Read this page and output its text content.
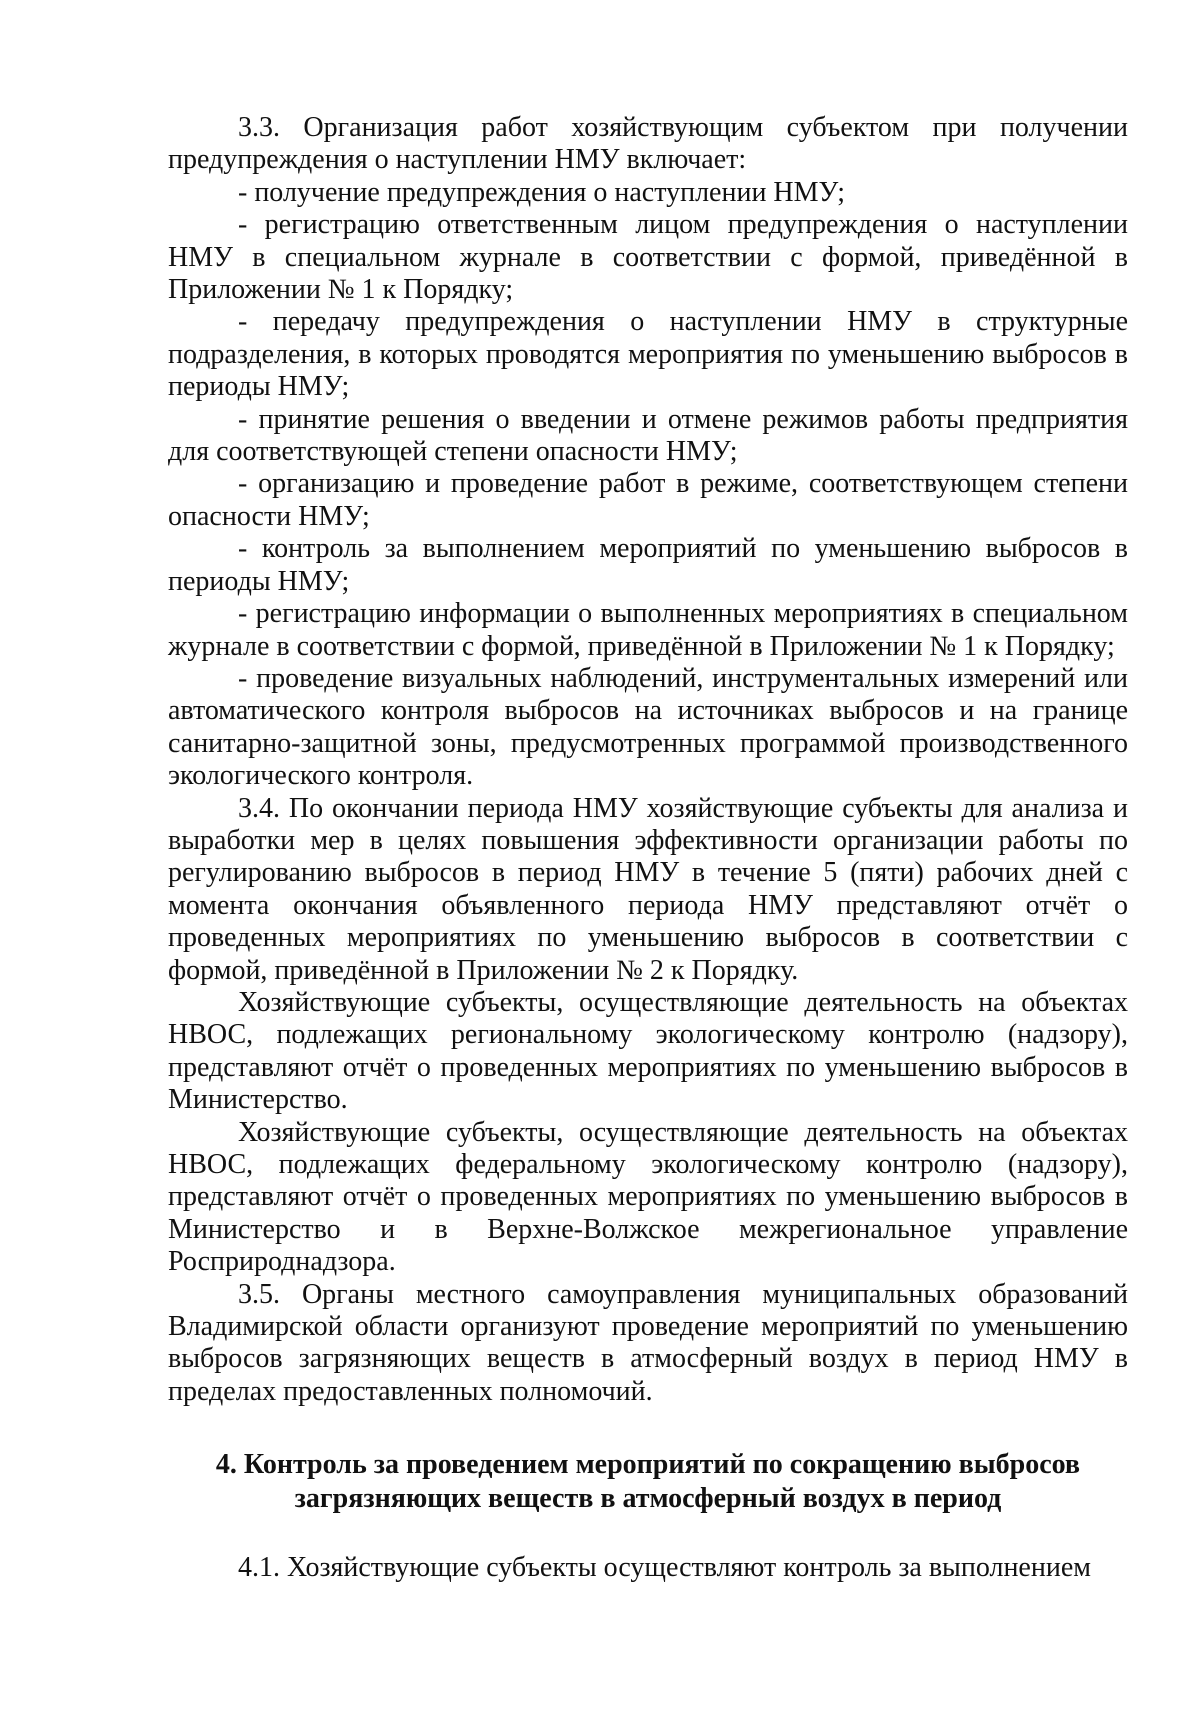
3.3. Организация работ хозяйствующим субъектом при получении предупреждения о наступлении НМУ включает:

- получение предупреждения о наступлении НМУ;

- регистрацию ответственным лицом предупреждения о наступлении НМУ в специальном журнале в соответствии с формой, приведённой в Приложении № 1 к Порядку;

- передачу предупреждения о наступлении НМУ в структурные подразделения, в которых проводятся мероприятия по уменьшению выбросов в периоды НМУ;

- принятие решения о введении и отмене режимов работы предприятия для соответствующей степени опасности НМУ;

- организацию и проведение работ в режиме, соответствующем степени опасности НМУ;

- контроль за выполнением мероприятий по уменьшению выбросов в периоды НМУ;

- регистрацию информации о выполненных мероприятиях в специальном журнале в соответствии с формой, приведённой в Приложении № 1 к Порядку;

- проведение визуальных наблюдений, инструментальных измерений или автоматического контроля выбросов на источниках выбросов и на границе санитарно-защитной зоны, предусмотренных программой производственного экологического контроля.

3.4. По окончании периода НМУ хозяйствующие субъекты для анализа и выработки мер в целях повышения эффективности организации работы по регулированию выбросов в период НМУ в течение 5 (пяти) рабочих дней с момента окончания объявленного периода НМУ представляют отчёт о проведенных мероприятиях по уменьшению выбросов в соответствии с формой, приведённой в Приложении № 2 к Порядку.

Хозяйствующие субъекты, осуществляющие деятельность на объектах НВОС, подлежащих региональному экологическому контролю (надзору), представляют отчёт о проведенных мероприятиях по уменьшению выбросов в Министерство.

Хозяйствующие субъекты, осуществляющие деятельность на объектах НВОС, подлежащих федеральному экологическому контролю (надзору), представляют отчёт о проведенных мероприятиях по уменьшению выбросов в Министерство и в Верхне-Волжское межрегиональное управление Росприроднадзора.

3.5. Органы местного самоуправления муниципальных образований Владимирской области организуют проведение мероприятий по уменьшению выбросов загрязняющих веществ в атмосферный воздух в период НМУ в пределах предоставленных полномочий.

4. Контроль за проведением мероприятий по сокращению выбросов
загрязняющих веществ в атмосферный воздух в период

4.1. Хозяйствующие субъекты осуществляют контроль за выполнением
